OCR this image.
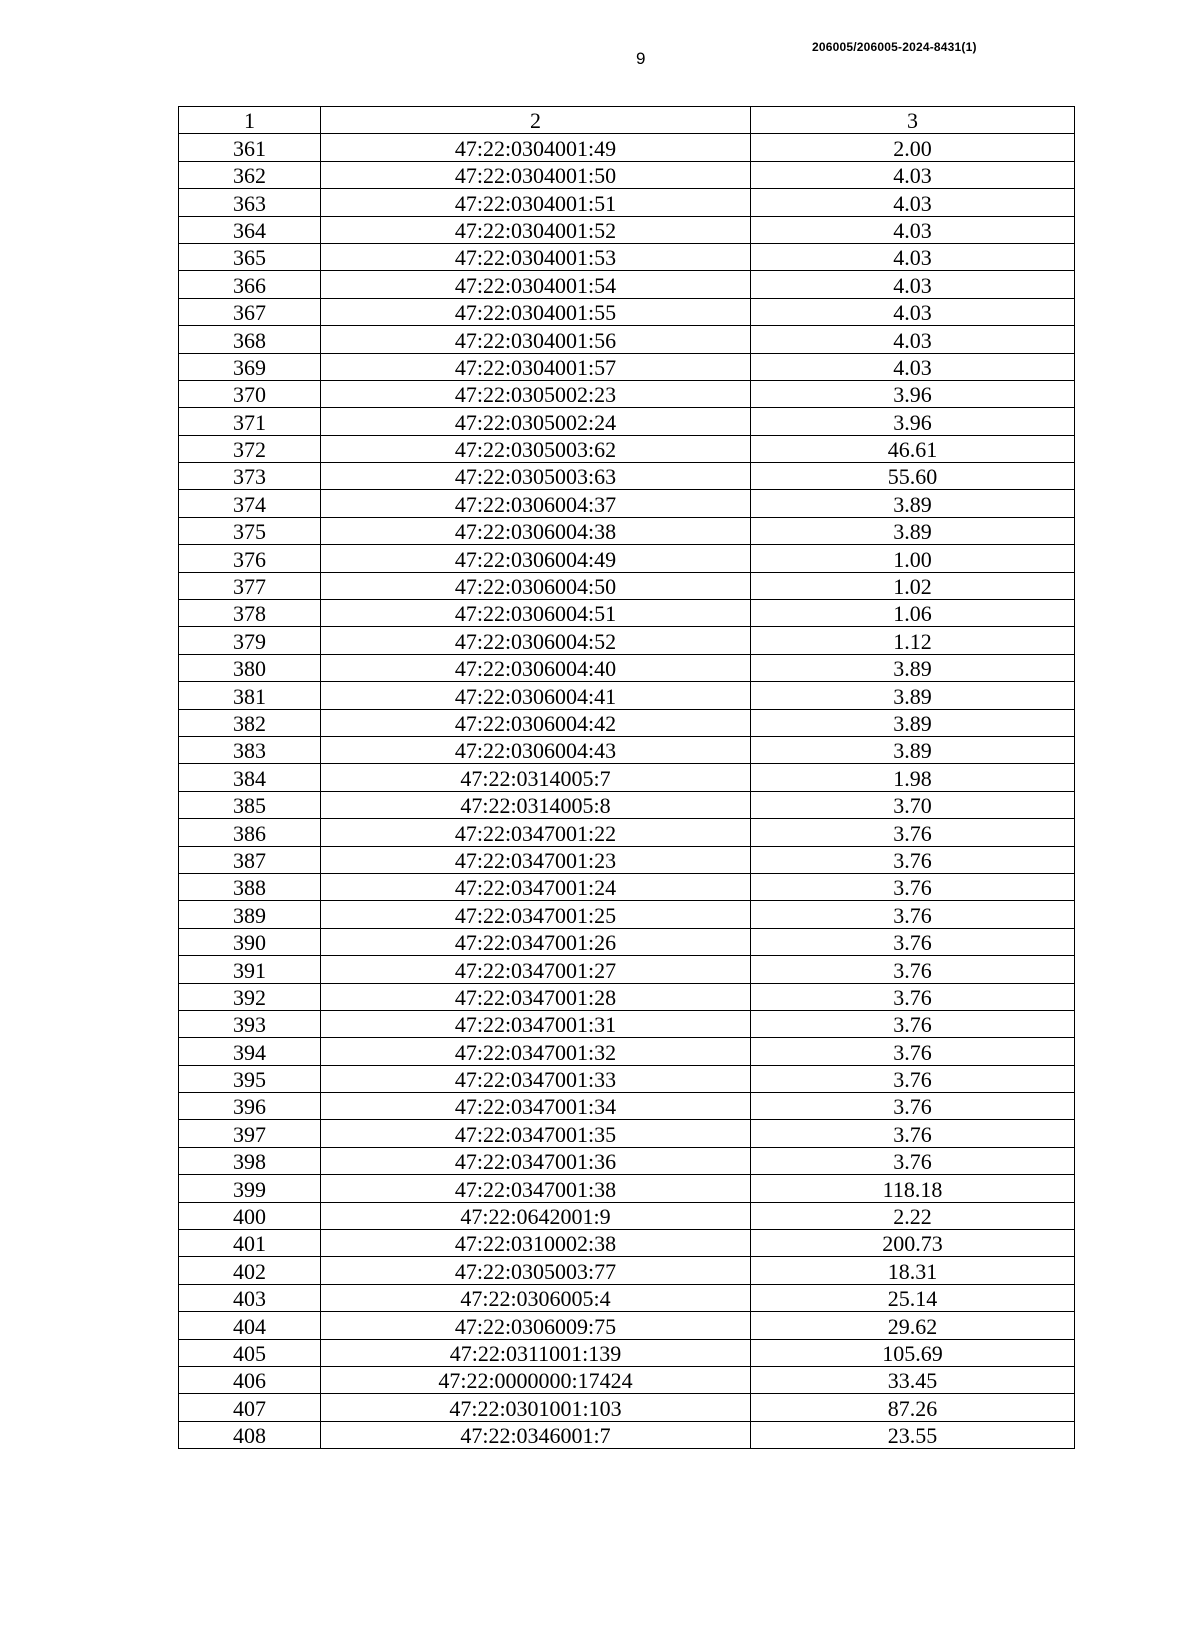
9
206005/206005-2024-8431(1)
1	2	3
361	47:22:0304001:49	2.00
362	47:22:0304001:50	4.03
363	47:22:0304001:51	4.03
364	47:22:0304001:52	4.03
365	47:22:0304001:53	4.03
366	47:22:0304001:54	4.03
367	47:22:0304001:55	4.03
368	47:22:0304001:56	4.03
369	47:22:0304001:57	4.03
370	47:22:0305002:23	3.96
371	47:22:0305002:24	3.96
372	47:22:0305003:62	46.61
373	47:22:0305003:63	55.60
374	47:22:0306004:37	3.89
375	47:22:0306004:38	3.89
376	47:22:0306004:49	1.00
377	47:22:0306004:50	1.02
378	47:22:0306004:51	1.06
379	47:22:0306004:52	1.12
380	47:22:0306004:40	3.89
381	47:22:0306004:41	3.89
382	47:22:0306004:42	3.89
383	47:22:0306004:43	3.89
384	47:22:0314005:7	1.98
385	47:22:0314005:8	3.70
386	47:22:0347001:22	3.76
387	47:22:0347001:23	3.76
388	47:22:0347001:24	3.76
389	47:22:0347001:25	3.76
390	47:22:0347001:26	3.76
391	47:22:0347001:27	3.76
392	47:22:0347001:28	3.76
393	47:22:0347001:31	3.76
394	47:22:0347001:32	3.76
395	47:22:0347001:33	3.76
396	47:22:0347001:34	3.76
397	47:22:0347001:35	3.76
398	47:22:0347001:36	3.76
399	47:22:0347001:38	118.18
400	47:22:0642001:9	2.22
401	47:22:0310002:38	200.73
402	47:22:0305003:77	18.31
403	47:22:0306005:4	25.14
404	47:22:0306009:75	29.62
405	47:22:0311001:139	105.69
406	47:22:0000000:17424	33.45
407	47:22:0301001:103	87.26
408	47:22:0346001:7	23.55
